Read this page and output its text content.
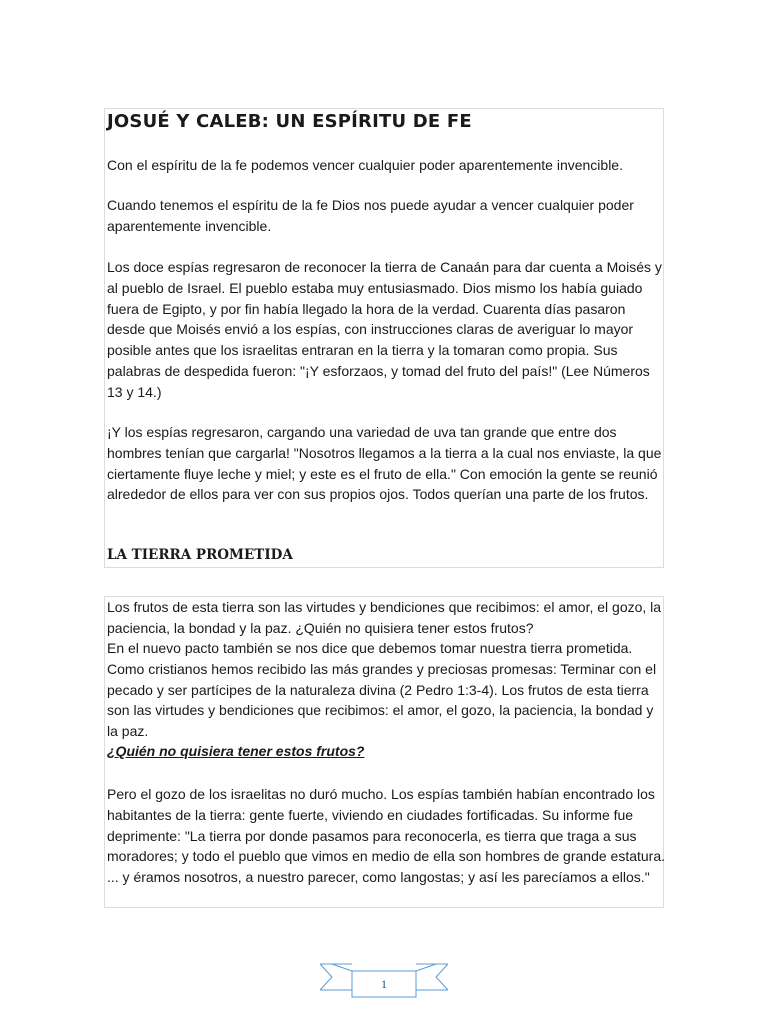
JOSUÉ Y CALEB: UN ESPÍRITU DE FE

Con el espíritu de la fe podemos vencer cualquier poder aparentemente invencible.

Cuando tenemos el espíritu de la fe Dios nos puede ayudar a vencer cualquier poder aparentemente invencible.

Los doce espías regresaron de reconocer la tierra de Canaán para dar cuenta a Moisés y al pueblo de Israel. El pueblo estaba muy entusiasmado. Dios mismo los había guiado fuera de Egipto, y por fin había llegado la hora de la verdad. Cuarenta días pasaron desde que Moisés envió a los espías, con instrucciones claras de averiguar lo mayor posible antes que los israelitas entraran en la tierra y la tomaran como propia. Sus palabras de despedida fueron: "¡Y esforzaos, y tomad del fruto del país!" (Lee Números 13 y 14.)

¡Y los espías regresaron, cargando una variedad de uva tan grande que entre dos hombres tenían que cargarla! "Nosotros llegamos a la tierra a la cual nos enviaste, la que ciertamente fluye leche y miel; y este es el fruto de ella." Con emoción la gente se reunió alrededor de ellos para ver con sus propios ojos. Todos querían una parte de los frutos.

LA TIERRA PROMETIDA

Los frutos de esta tierra son las virtudes y bendiciones que recibimos: el amor, el gozo, la paciencia, la bondad y la paz. ¿Quién no quisiera tener estos frutos?

En el nuevo pacto también se nos dice que debemos tomar nuestra tierra prometida. Como cristianos hemos recibido las más grandes y preciosas promesas: Terminar con el pecado y ser partícipes de la naturaleza divina (2 Pedro 1:3-4). Los frutos de esta tierra son las virtudes y bendiciones que recibimos: el amor, el gozo, la paciencia, la bondad y la paz.

¿Quién no quisiera tener estos frutos?

Pero el gozo de los israelitas no duró mucho. Los espías también habían encontrado los habitantes de la tierra: gente fuerte, viviendo en ciudades fortificadas. Su informe fue deprimente: "La tierra por donde pasamos para reconocerla, es tierra que traga a sus moradores; y todo el pueblo que vimos en medio de ella son hombres de grande estatura. ... y éramos nosotros, a nuestro parecer, como langostas; y así les parecíamos a ellos."

1
